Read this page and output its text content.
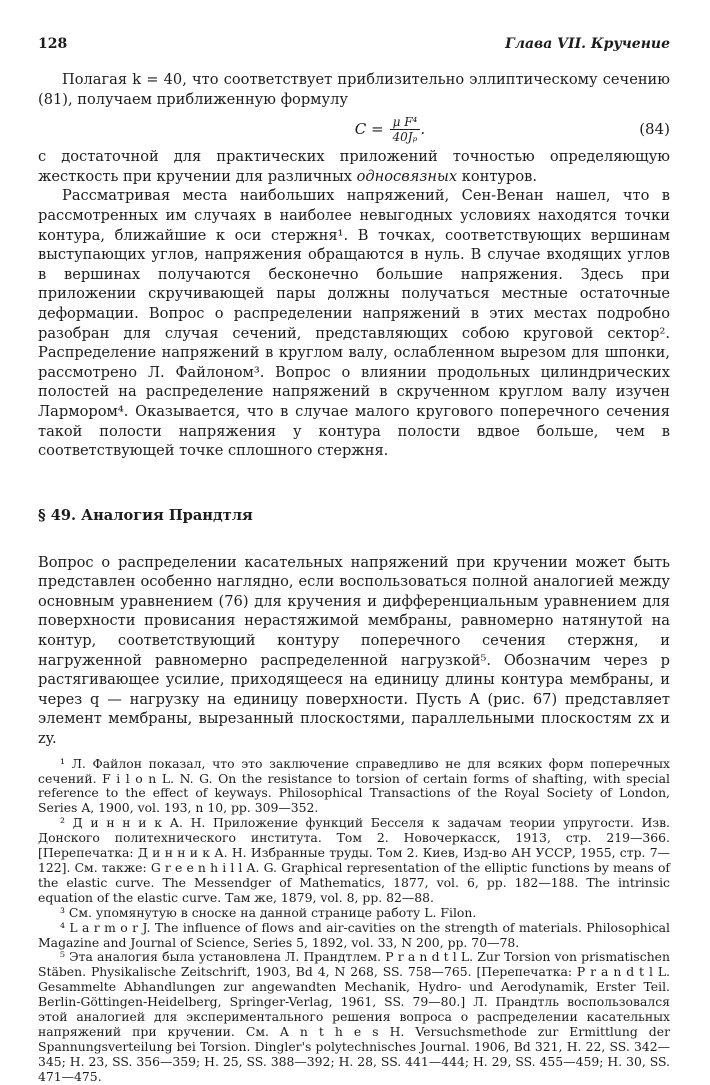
128	Глава VII. Кручение

Полагая k = 40, что соответствует приблизительно эллиптическому сечению (81), получаем приближенную формулу

$C = \frac{\text{μ F⁴}}{\text{40Jₚ}}$ .	(84)

с достаточной для практических приложений точностью определяющую жесткость при кручении для различных односвязных контуров.

Рассматривая места наибольших напряжений, Сен-Венан нашел, что в рассмотренных им случаях в наиболее невыгодных условиях находятся точки контура, ближайшие к оси стержня¹. В точках, соответствующих вершинам выступающих углов, напряжения обращаются в нуль. В случае входящих углов в вершинах получаются бесконечно большие напряжения. Здесь при приложении скручивающей пары должны получаться местные остаточные деформации. Вопрос о распределении напряжений в этих местах подробно разобран для случая сечений, представляющих собою круговой сектор². Распределение напряжений в круглом валу, ослабленном вырезом для шпонки, рассмотрено Л. Файлоном³. Вопрос о влиянии продольных цилиндрических полостей на распределение напряжений в скрученном круглом валу изучен Лармором⁴. Оказывается, что в случае малого кругового поперечного сечения такой полости напряжения у контура полости вдвое больше, чем в соответствующей точке сплошного стержня.

§ 49. Аналогия Прандтля

Вопрос о распределении касательных напряжений при кручении может быть представлен особенно наглядно, если воспользоваться полной аналогией между основным уравнением (76) для кручения и дифференциальным уравнением для поверхности провисания нерастяжимой мембраны, равномерно натянутой на контур, соответствующий контуру поперечного сечения стержня, и нагруженной равномерно распределенной нагрузкой⁵. Обозначим через p растягивающее усилие, приходящееся на единицу длины контура мембраны, и через q — нагрузку на единицу поверхности. Пусть A (рис. 67) представляет элемент мембраны, вырезанный плоскостями, параллельными плоскостям zx и zy.

¹ Л. Файлон показал, что это заключение справедливо не для всяких форм поперечных сечений. F i l o n L. N. G. On the resistance to torsion of certain forms of shafting, with special reference to the effect of keyways. Philosophical Transactions of the Royal Society of London, Series A, 1900, vol. 193, n 10, pp. 309—352.

² Д и н н и к А. Н. Приложение функций Бесселя к задачам теории упругости. Изв. Донского политехнического института. Том 2. Новочеркасск, 1913, стр. 219—366. [Перепечатка: Д и н н и к А. Н. Избранные труды. Том 2. Киев, Изд-во АН УССР, 1955, стр. 7—122]. См. также: G r e e n h i l l A. G. Graphical representation of the elliptic functions by means of the elastic curve. The Messendger of Mathematics, 1877, vol. 6, pp. 182—188. The intrinsic equation of the elastic curve. Там же, 1879, vol. 8, pp. 82—88.

³ См. упомянутую в сноске на данной странице работу L. Filon.

⁴ L a r m o r J. The influence of flows and air-cavities on the strength of materials. Philosophical Magazine and Journal of Science, Series 5, 1892, vol. 33, N 200, pp. 70—78.

⁵ Эта аналогия была установлена Л. Прандтлем. P r a n d t l L. Zur Torsion von prismatischen Stäben. Physikalische Zeitschrift, 1903, Bd 4, N 268, SS. 758—765. [Перепечатка: P r a n d t l L. Gesammelte Abhandlungen zur angewandten Mechanik, Hydro- und Aerodynamik, Erster Teil. Berlin-Göttingen-Heidelberg, Springer-Verlag, 1961, SS. 79—80.] Л. Прандтль воспользовался этой аналогией для экспериментального решения вопроса о распределении касательных напряжений при кручении. См. A n t h e s H. Versuchsmethode zur Ermittlung der Spannungsverteilung bei Torsion. Dingler's polytechnisches Journal. 1906, Bd 321, H. 22, SS. 342—345; H. 23, SS. 356—359; H. 25, SS. 388—392; H. 28, SS. 441—444; H. 29, SS. 455—459; H. 30, SS. 471—475.
